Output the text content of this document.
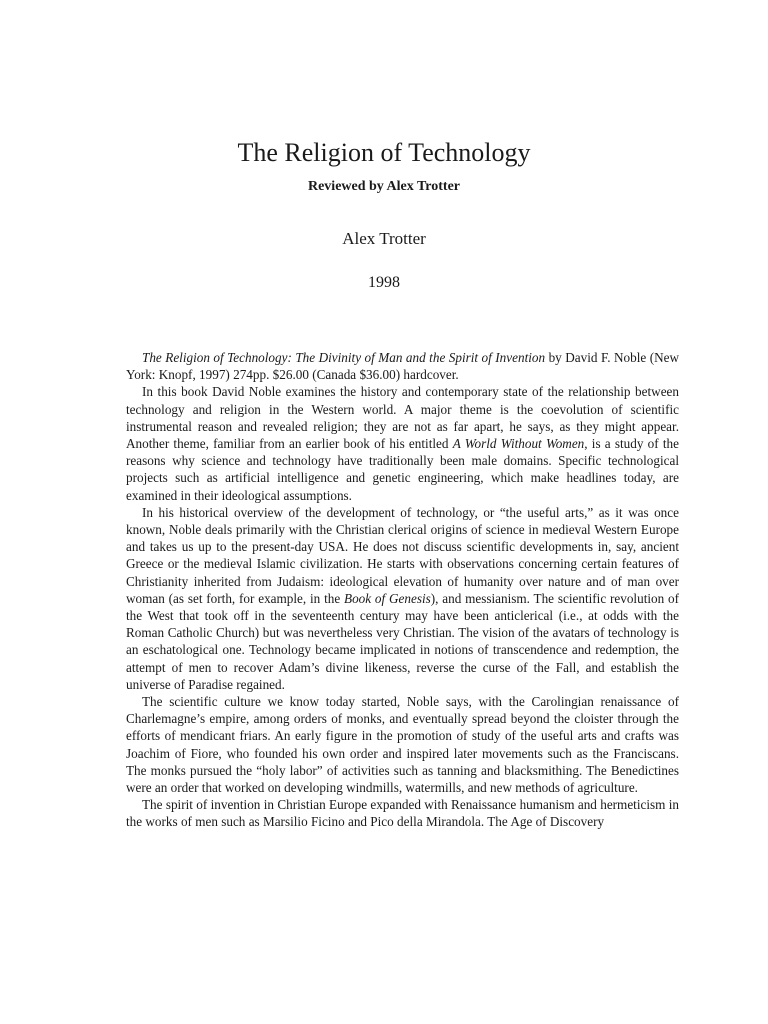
The Religion of Technology
Reviewed by Alex Trotter
Alex Trotter
1998

The Religion of Technology: The Divinity of Man and the Spirit of Invention by David F. Noble (New York: Knopf, 1997) 274pp. $26.00 (Canada $36.00) hardcover.

In this book David Noble examines the history and contemporary state of the relationship between technology and religion in the Western world. A major theme is the coevolution of scientific instrumental reason and revealed religion; they are not as far apart, he says, as they might appear. Another theme, familiar from an earlier book of his entitled A World Without Women, is a study of the reasons why science and technology have traditionally been male domains. Specific technological projects such as artificial intelligence and genetic engineering, which make headlines today, are examined in their ideological assumptions.

In his historical overview of the development of technology, or “the useful arts,” as it was once known, Noble deals primarily with the Christian clerical origins of science in medieval Western Europe and takes us up to the present-day USA. He does not discuss scientific developments in, say, ancient Greece or the medieval Islamic civilization. He starts with observations concerning certain features of Christianity inherited from Judaism: ideological elevation of humanity over nature and of man over woman (as set forth, for example, in the Book of Genesis), and messianism. The scientific revolution of the West that took off in the seventeenth century may have been anticlerical (i.e., at odds with the Roman Catholic Church) but was nevertheless very Christian. The vision of the avatars of technology is an eschatological one. Technology became implicated in notions of transcendence and redemption, the attempt of men to recover Adam’s divine likeness, reverse the curse of the Fall, and establish the universe of Paradise regained.

The scientific culture we know today started, Noble says, with the Carolingian renaissance of Charlemagne’s empire, among orders of monks, and eventually spread beyond the cloister through the efforts of mendicant friars. An early figure in the promotion of study of the useful arts and crafts was Joachim of Fiore, who founded his own order and inspired later movements such as the Franciscans. The monks pursued the “holy labor” of activities such as tanning and blacksmithing. The Benedictines were an order that worked on developing windmills, watermills, and new methods of agriculture.

The spirit of invention in Christian Europe expanded with Renaissance humanism and hermeticism in the works of men such as Marsilio Ficino and Pico della Mirandola. The Age of Discovery
